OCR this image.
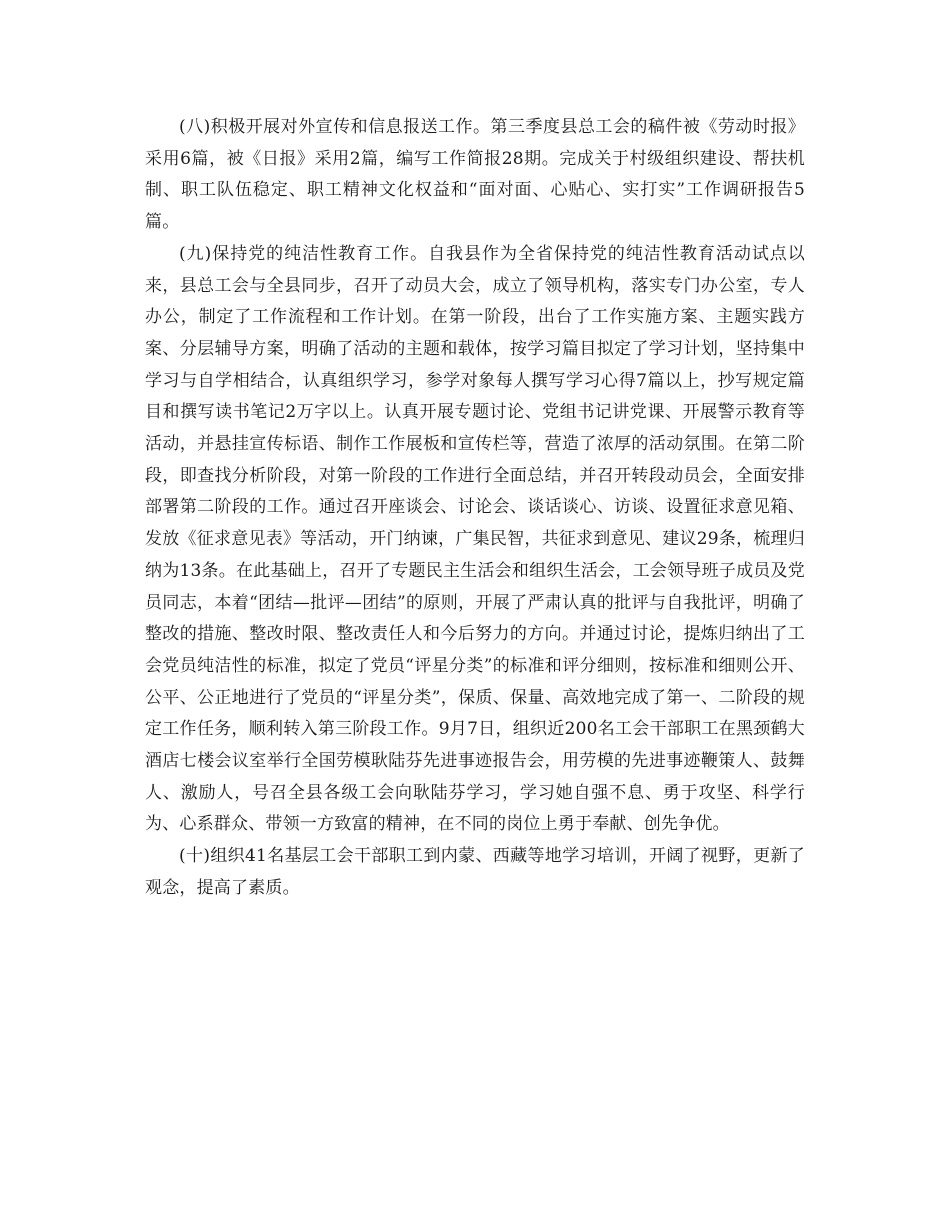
(八)积极开展对外宣传和信息报送工作。第三季度县总工会的稿件被《劳动时报》采用6篇，被《日报》采用2篇，编写工作简报28期。完成关于村级组织建设、帮扶机制、职工队伍稳定、职工精神文化权益和“面对面、心贴心、实打实”工作调研报告5篇。

(九)保持党的纯洁性教育工作。自我县作为全省保持党的纯洁性教育活动试点以来，县总工会与全县同步，召开了动员大会，成立了领导机构，落实专门办公室，专人办公，制定了工作流程和工作计划。在第一阶段，出台了工作实施方案、主题实践方案、分层辅导方案，明确了活动的主题和载体，按学习篇目拟定了学习计划，坚持集中学习与自学相结合，认真组织学习，参学对象每人撰写学习心得7篇以上，抄写规定篇目和撰写读书笔记2万字以上。认真开展专题讨论、党组书记讲党课、开展警示教育等活动，并悬挂宣传标语、制作工作展板和宣传栏等，营造了浓厚的活动氛围。在第二阶段，即查找分析阶段，对第一阶段的工作进行全面总结，并召开转段动员会，全面安排部署第二阶段的工作。通过召开座谈会、讨论会、谈话谈心、访谈、设置征求意见箱、发放《征求意见表》等活动，开门纳谏，广集民智，共征求到意见、建议29条，梳理归纳为13条。在此基础上，召开了专题民主生活会和组织生活会，工会领导班子成员及党员同志，本着“团结—批评—团结”的原则，开展了严肃认真的批评与自我批评，明确了整改的措施、整改时限、整改责任人和今后努力的方向。并通过讨论，提炼归纳出了工会党员纯洁性的标准，拟定了党员“评星分类”的标准和评分细则，按标准和细则公开、公平、公正地进行了党员的“评星分类”，保质、保量、高效地完成了第一、二阶段的规定工作任务，顺利转入第三阶段工作。9月7日，组织近200名工会干部职工在黑颈鹤大酒店七楼会议室举行全国劳模耿陆芬先进事迹报告会，用劳模的先进事迹鞭策人、鼓舞人、激励人，号召全县各级工会向耿陆芬学习，学习她自强不息、勇于攻坚、科学行为、心系群众、带领一方致富的精神，在不同的岗位上勇于奉献、创先争优。

(十)组织41名基层工会干部职工到内蒙、西藏等地学习培训，开阔了视野，更新了观念，提高了素质。
